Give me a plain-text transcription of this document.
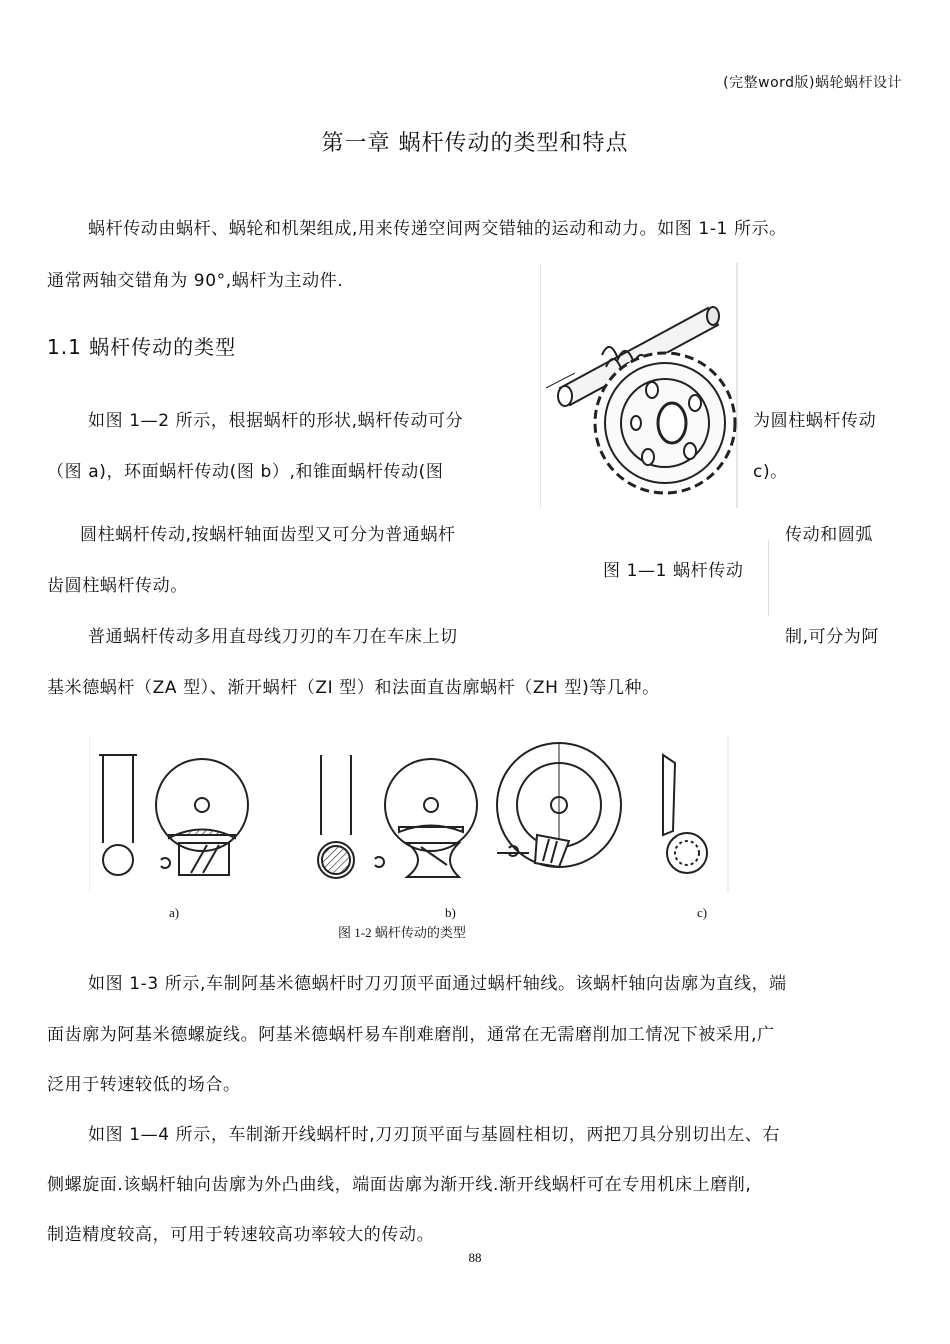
(完整word版)蜗轮蜗杆设计
第一章 蜗杆传动的类型和特点
蜗杆传动由蜗杆、蜗轮和机架组成,用来传递空间两交错轴的运动和动力。如图 1-1 所示。
通常两轴交错角为 90°,蜗杆为主动件.
1.1 蜗杆传动的类型
如图 1—2 所示，根据蜗杆的形状,蜗杆传动可分	为圆柱蜗杆传动
（图 a)，环面蜗杆传动(图 b）,和锥面蜗杆传动(图	c)。
圆柱蜗杆传动,按蜗杆轴面齿型又可分为普通蜗杆	传动和圆弧
图 1—1 蜗杆传动
齿圆柱蜗杆传动。
普通蜗杆传动多用直母线刀刃的车刀在车床上切	制,可分为阿
基米德蜗杆（ZA 型）、渐开蜗杆（ZI 型）和法面直齿廓蜗杆（ZH 型)等几种。
a)	b)	c)
图 1-2 蜗杆传动的类型
如图 1-3 所示,车制阿基米德蜗杆时刀刃顶平面通过蜗杆轴线。该蜗杆轴向齿廓为直线，端
面齿廓为阿基米德螺旋线。阿基米德蜗杆易车削难磨削，通常在无需磨削加工情况下被采用,广
泛用于转速较低的场合。
如图 1—4 所示，车制渐开线蜗杆时,刀刃顶平面与基圆柱相切，两把刀具分别切出左、右
侧螺旋面.该蜗杆轴向齿廓为外凸曲线，端面齿廓为渐开线.渐开线蜗杆可在专用机床上磨削,
制造精度较高，可用于转速较高功率较大的传动。
88
